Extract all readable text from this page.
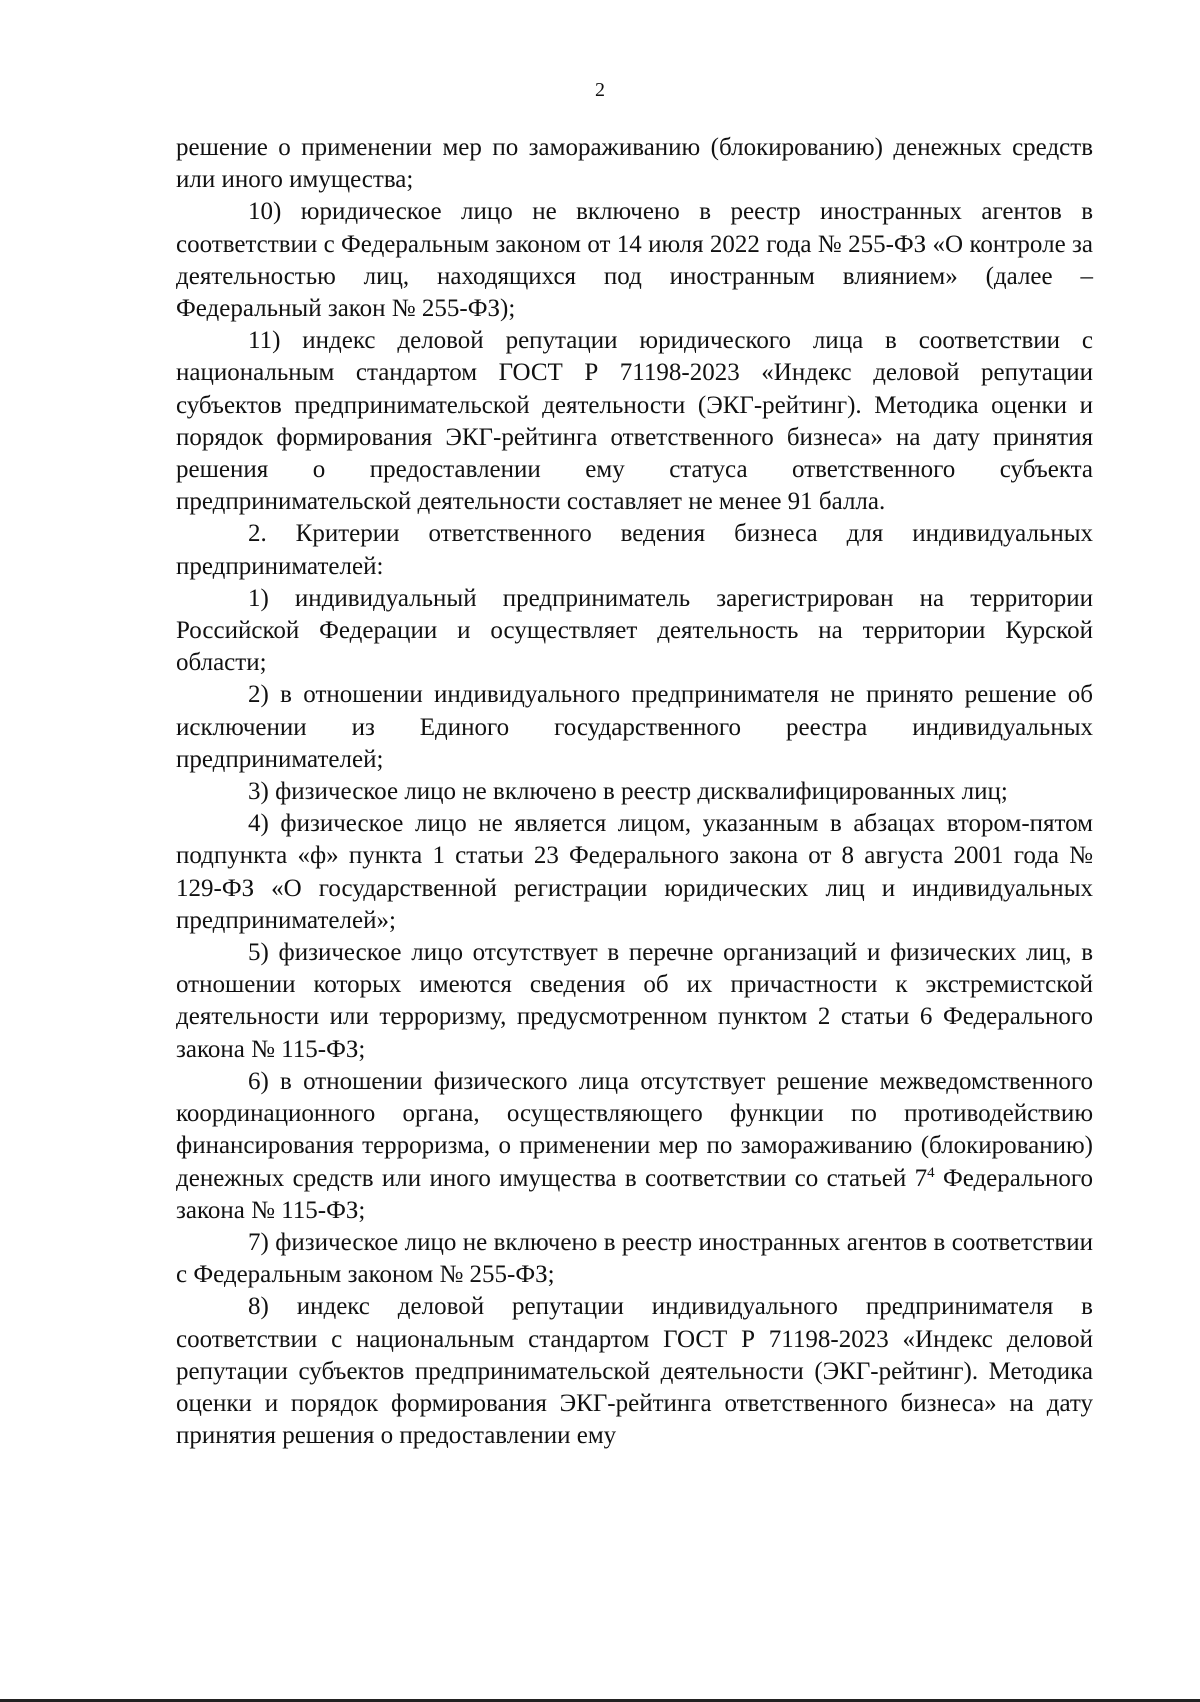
2

решение о применении мер по замораживанию (блокированию) денежных средств или иного имущества;

10) юридическое лицо не включено в реестр иностранных агентов в соответствии с Федеральным законом от 14 июля 2022 года № 255-ФЗ «О контроле за деятельностью лиц, находящихся под иностранным влиянием» (далее – Федеральный закон № 255-ФЗ);

11) индекс деловой репутации юридического лица в соответствии с национальным стандартом ГОСТ Р 71198-2023 «Индекс деловой репутации субъектов предпринимательской деятельности (ЭКГ-рейтинг). Методика оценки и порядок формирования ЭКГ-рейтинга ответственного бизнеса» на дату принятия решения о предоставлении ему статуса ответственного субъекта предпринимательской деятельности составляет не менее 91 балла.

2. Критерии ответственного ведения бизнеса для индивидуальных предпринимателей:

1) индивидуальный предприниматель зарегистрирован на территории Российской Федерации и осуществляет деятельность на территории Курской области;

2) в отношении индивидуального предпринимателя не принято решение об исключении из Единого государственного реестра индивидуальных предпринимателей;

3) физическое лицо не включено в реестр дисквалифицированных лиц;

4) физическое лицо не является лицом, указанным в абзацах втором-пятом подпункта «ф» пункта 1 статьи 23 Федерального закона от 8 августа 2001 года № 129-ФЗ «О государственной регистрации юридических лиц и индивидуальных предпринимателей»;

5) физическое лицо отсутствует в перечне организаций и физических лиц, в отношении которых имеются сведения об их причастности к экстремистской деятельности или терроризму, предусмотренном пунктом 2 статьи 6 Федерального закона № 115-ФЗ;

6) в отношении физического лица отсутствует решение межведомственного координационного органа, осуществляющего функции по противодействию финансирования терроризма, о применении мер по замораживанию (блокированию) денежных средств или иного имущества в соответствии со статьей $7^4$ Федерального закона № 115-ФЗ;

7) физическое лицо не включено в реестр иностранных агентов в соответствии с Федеральным законом № 255-ФЗ;

8) индекс деловой репутации индивидуального предпринимателя в соответствии с национальным стандартом ГОСТ Р 71198-2023 «Индекс деловой репутации субъектов предпринимательской деятельности (ЭКГ-рейтинг). Методика оценки и порядок формирования ЭКГ-рейтинга ответственного бизнеса» на дату принятия решения о предоставлении ему
